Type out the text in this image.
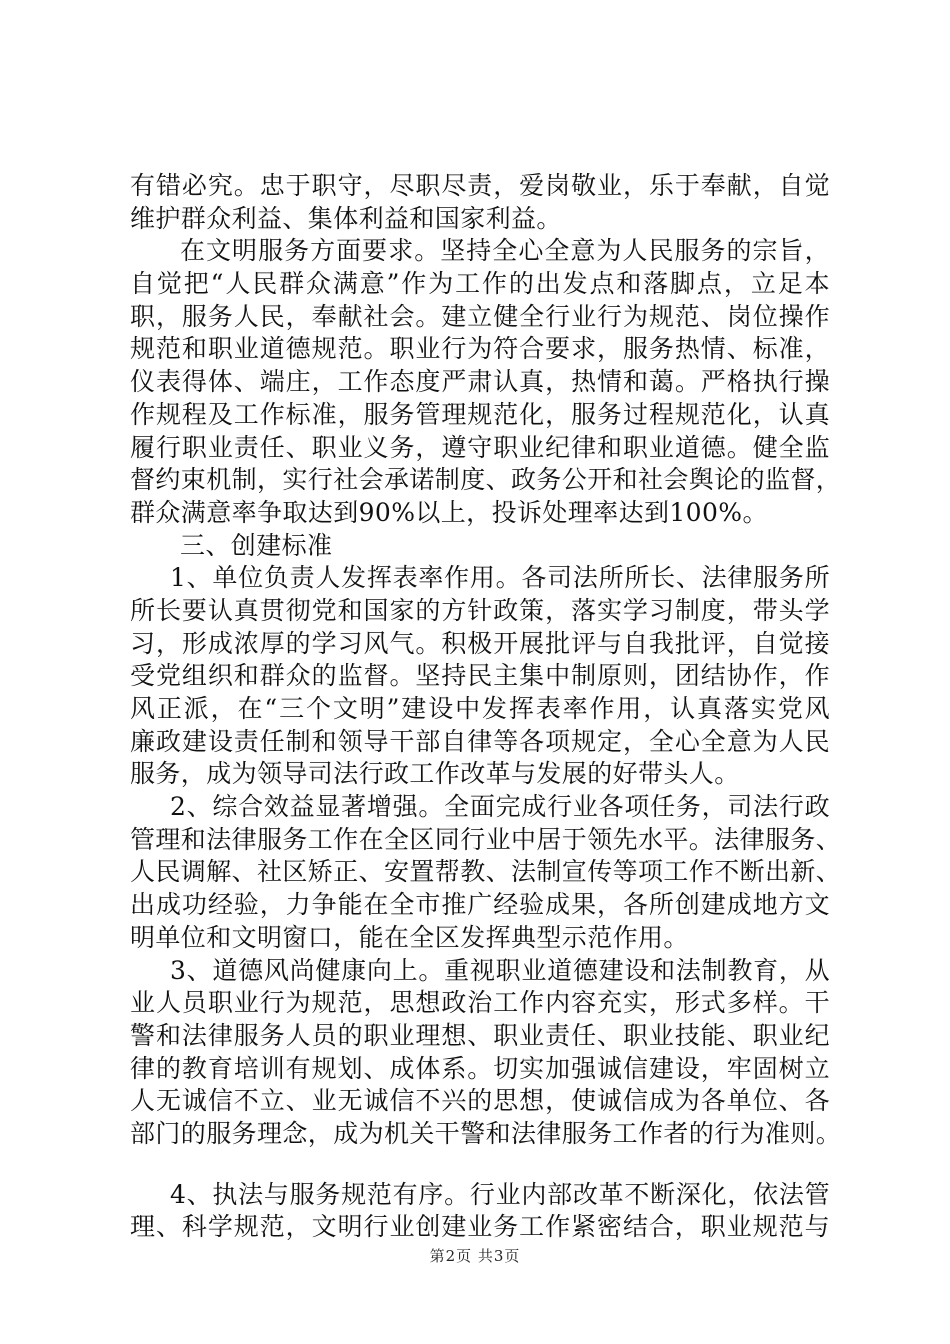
有错必究。忠于职守，尽职尽责，爱岗敬业，乐于奉献，自觉
维护群众利益、集体利益和国家利益。
在文明服务方面要求。坚持全心全意为人民服务的宗旨，
自觉把“人民群众满意”作为工作的出发点和落脚点，立足本
职，服务人民，奉献社会。建立健全行业行为规范、岗位操作
规范和职业道德规范。职业行为符合要求，服务热情、标准，
仪表得体、端庄，工作态度严肃认真，热情和蔼。严格执行操
作规程及工作标准，服务管理规范化，服务过程规范化，认真
履行职业责任、职业义务，遵守职业纪律和职业道德。健全监
督约束机制，实行社会承诺制度、政务公开和社会舆论的监督，
群众满意率争取达到90%以上，投诉处理率达到100%。
三、创建标准
1、单位负责人发挥表率作用。各司法所所长、法律服务所
所长要认真贯彻党和国家的方针政策，落实学习制度，带头学
习，形成浓厚的学习风气。积极开展批评与自我批评，自觉接
受党组织和群众的监督。坚持民主集中制原则，团结协作，作
风正派，在“三个文明”建设中发挥表率作用，认真落实党风
廉政建设责任制和领导干部自律等各项规定，全心全意为人民
服务，成为领导司法行政工作改革与发展的好带头人。
2、综合效益显著增强。全面完成行业各项任务，司法行政
管理和法律服务工作在全区同行业中居于领先水平。法律服务、
人民调解、社区矫正、安置帮教、法制宣传等项工作不断出新、
出成功经验，力争能在全市推广经验成果，各所创建成地方文
明单位和文明窗口，能在全区发挥典型示范作用。
3、道德风尚健康向上。重视职业道德建设和法制教育，从
业人员职业行为规范，思想政治工作内容充实，形式多样。干
警和法律服务人员的职业理想、职业责任、职业技能、职业纪
律的教育培训有规划、成体系。切实加强诚信建设，牢固树立
人无诚信不立、业无诚信不兴的思想，使诚信成为各单位、各
部门的服务理念，成为机关干警和法律服务工作者的行为准则。
4、执法与服务规范有序。行业内部改革不断深化，依法管
理、科学规范，文明行业创建业务工作紧密结合，职业规范与
第2页 共3页
